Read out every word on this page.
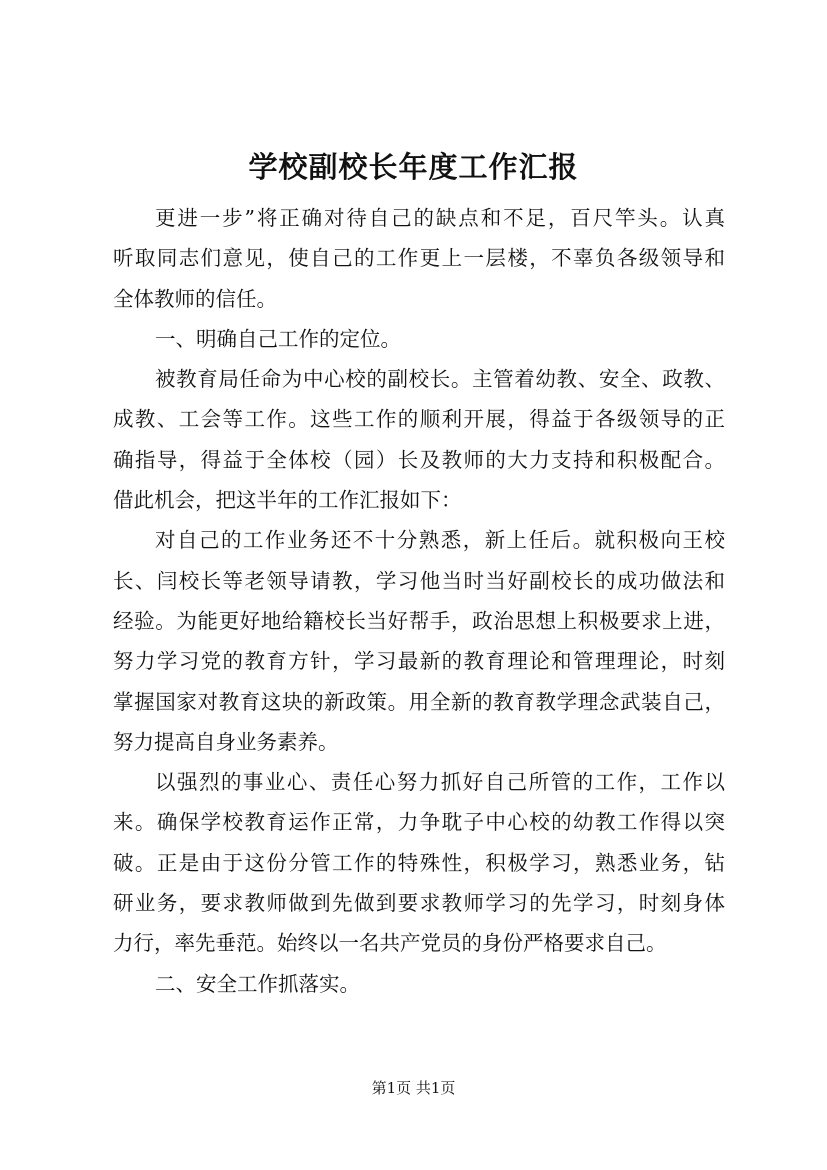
学校副校长年度工作汇报
更进一步”将正确对待自己的缺点和不足，百尺竿头。认真
听取同志们意见，使自己的工作更上一层楼，不辜负各级领导和
全体教师的信任。
一、明确自己工作的定位。
被教育局任命为中心校的副校长。主管着幼教、安全、政教、
成教、工会等工作。这些工作的顺利开展，得益于各级领导的正
确指导，得益于全体校（园）长及教师的大力支持和积极配合。
借此机会，把这半年的工作汇报如下：
对自己的工作业务还不十分熟悉，新上任后。就积极向王校
长、闫校长等老领导请教，学习他当时当好副校长的成功做法和
经验。为能更好地给籍校长当好帮手，政治思想上积极要求上进，
努力学习党的教育方针，学习最新的教育理论和管理理论，时刻
掌握国家对教育这块的新政策。用全新的教育教学理念武装自己，
努力提高自身业务素养。
以强烈的事业心、责任心努力抓好自己所管的工作，工作以
来。确保学校教育运作正常，力争耽子中心校的幼教工作得以突
破。正是由于这份分管工作的特殊性，积极学习，熟悉业务，钻
研业务，要求教师做到先做到要求教师学习的先学习，时刻身体
力行，率先垂范。始终以一名共产党员的身份严格要求自己。
二、安全工作抓落实。
第1页 共1页
